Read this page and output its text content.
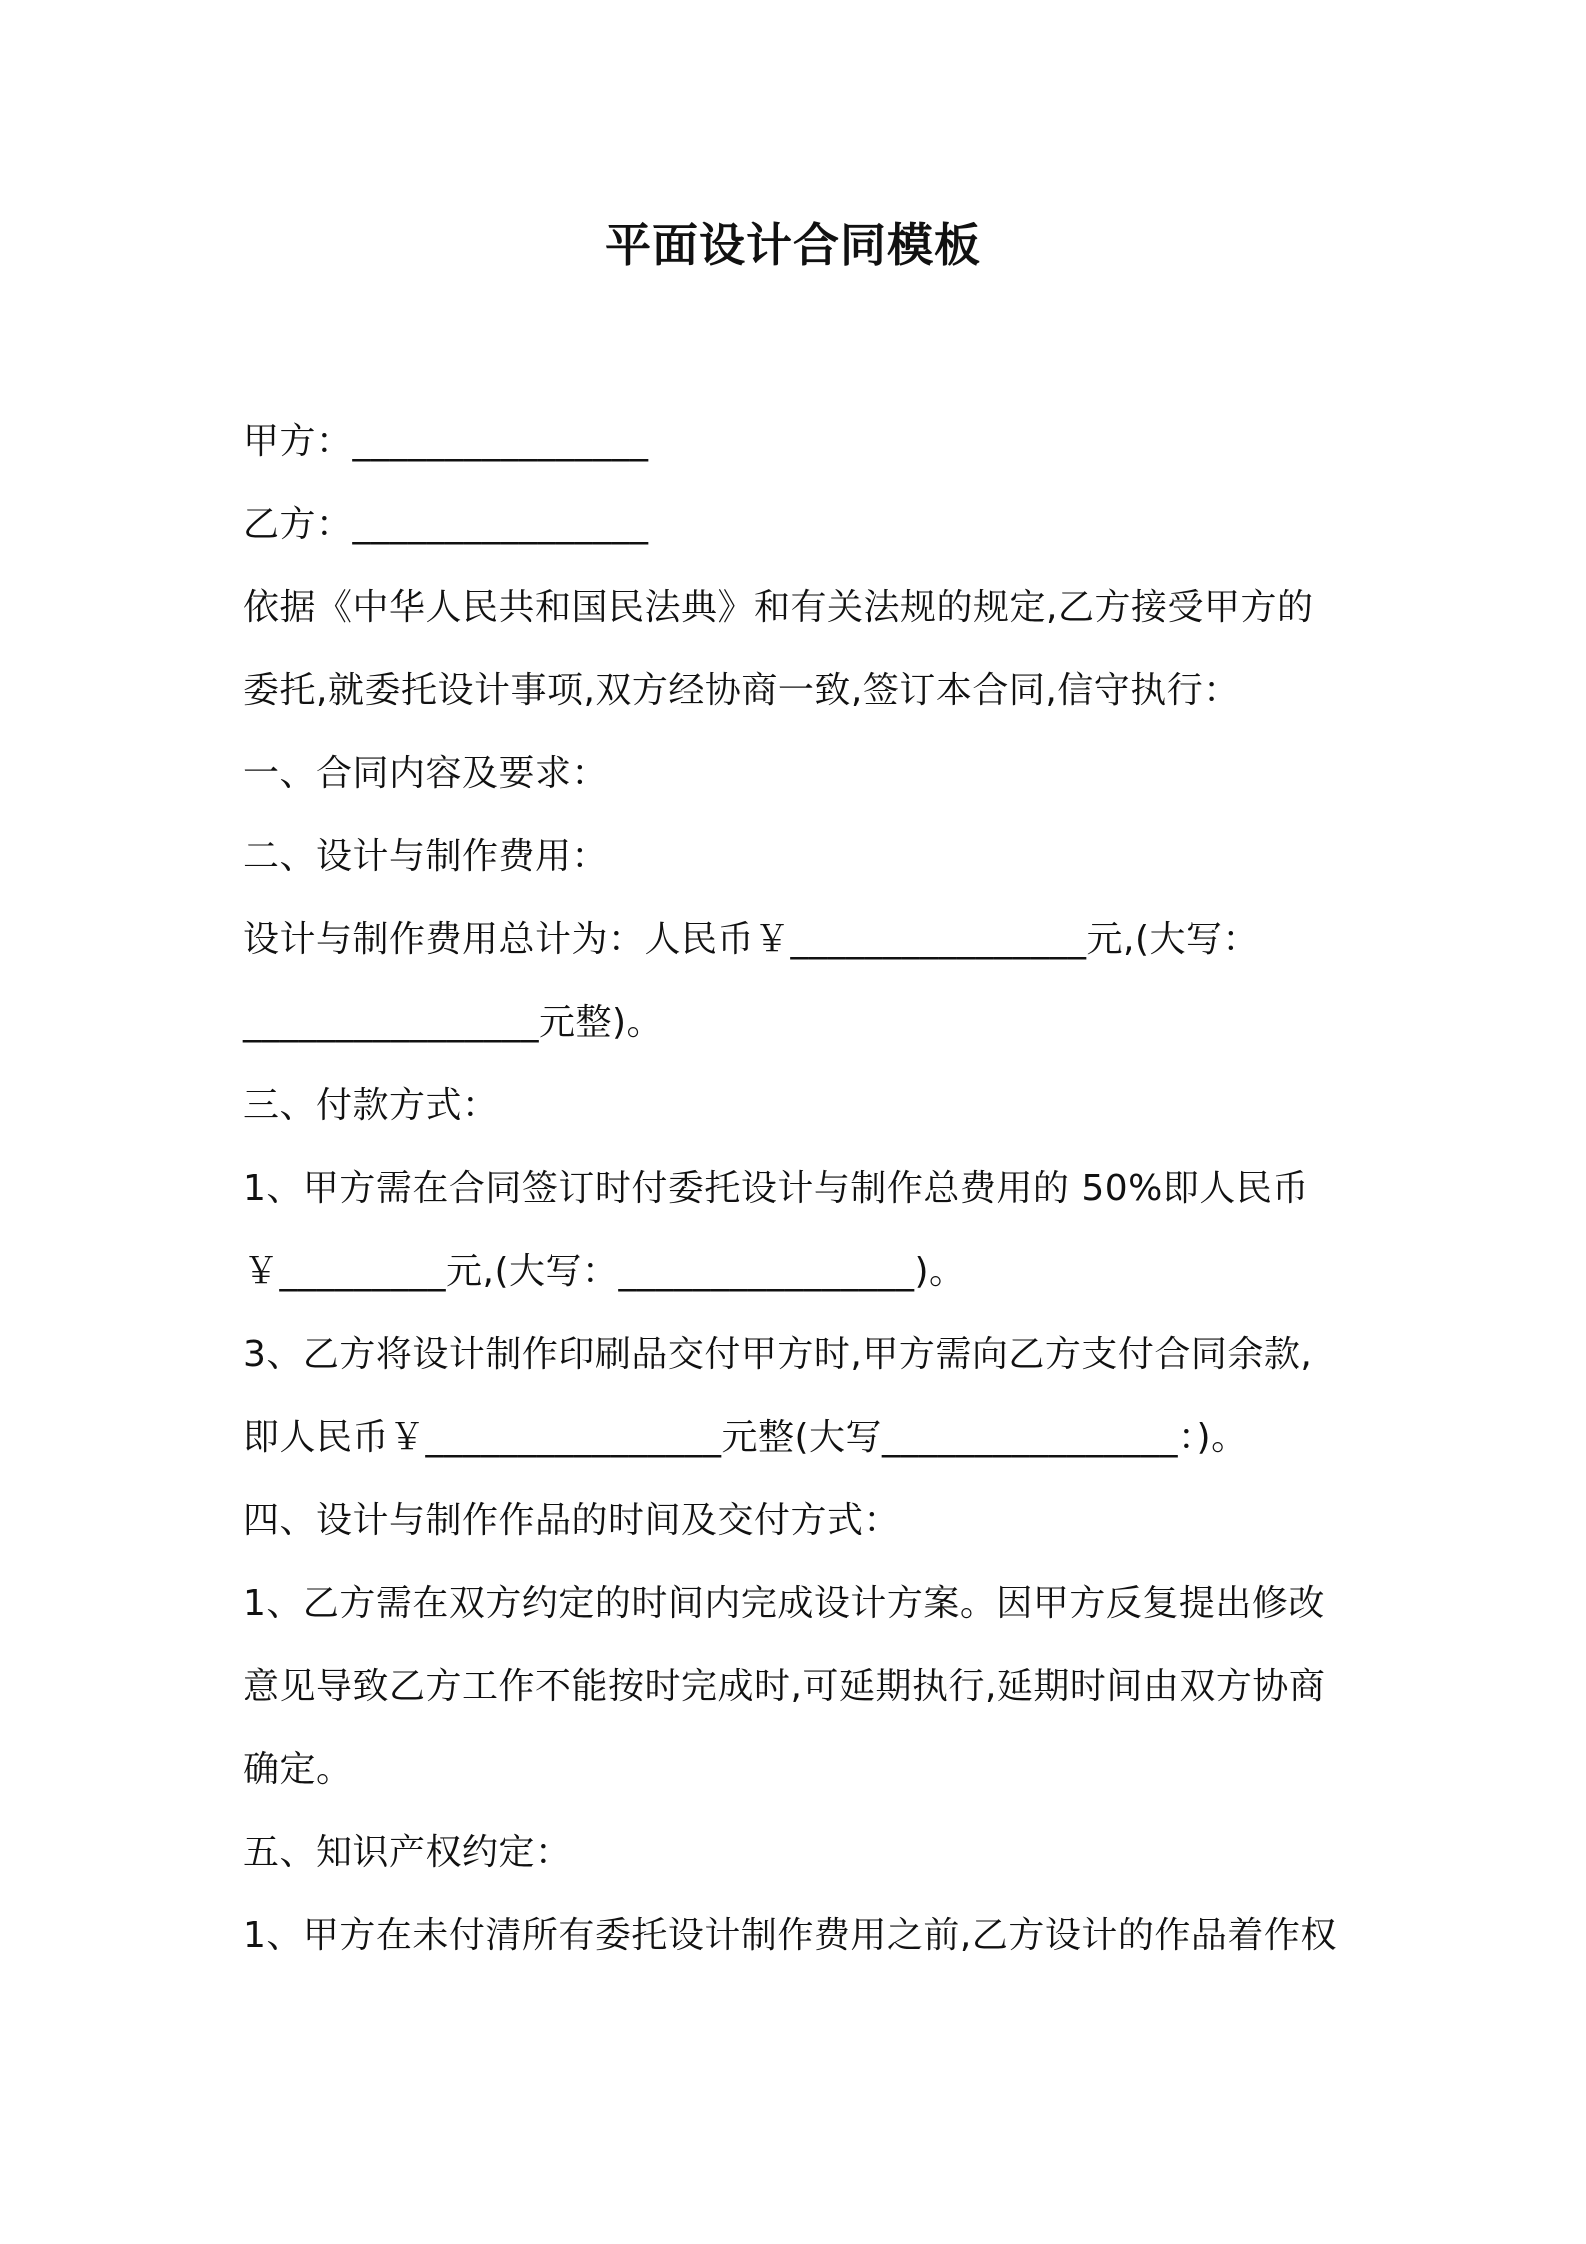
平面设计合同模板
甲方：________________
乙方：________________
依据《中华人民共和国民法典》和有关法规的规定,乙方接受甲方的
委托,就委托设计事项,双方经协商一致,签订本合同,信守执行：
一、合同内容及要求：
二、设计与制作费用：
设计与制作费用总计为：人民币￥________________元,(大写：
________________元整)。
三、付款方式：
1、甲方需在合同签订时付委托设计与制作总费用的 50%即人民币
￥_________元,(大写：________________)。
3、乙方将设计制作印刷品交付甲方时,甲方需向乙方支付合同余款,
即人民币￥________________元整(大写________________：)。
四、设计与制作作品的时间及交付方式：
1、乙方需在双方约定的时间内完成设计方案。因甲方反复提出修改
意见导致乙方工作不能按时完成时,可延期执行,延期时间由双方协商
确定。
五、知识产权约定：
1、甲方在未付清所有委托设计制作费用之前,乙方设计的作品着作权
